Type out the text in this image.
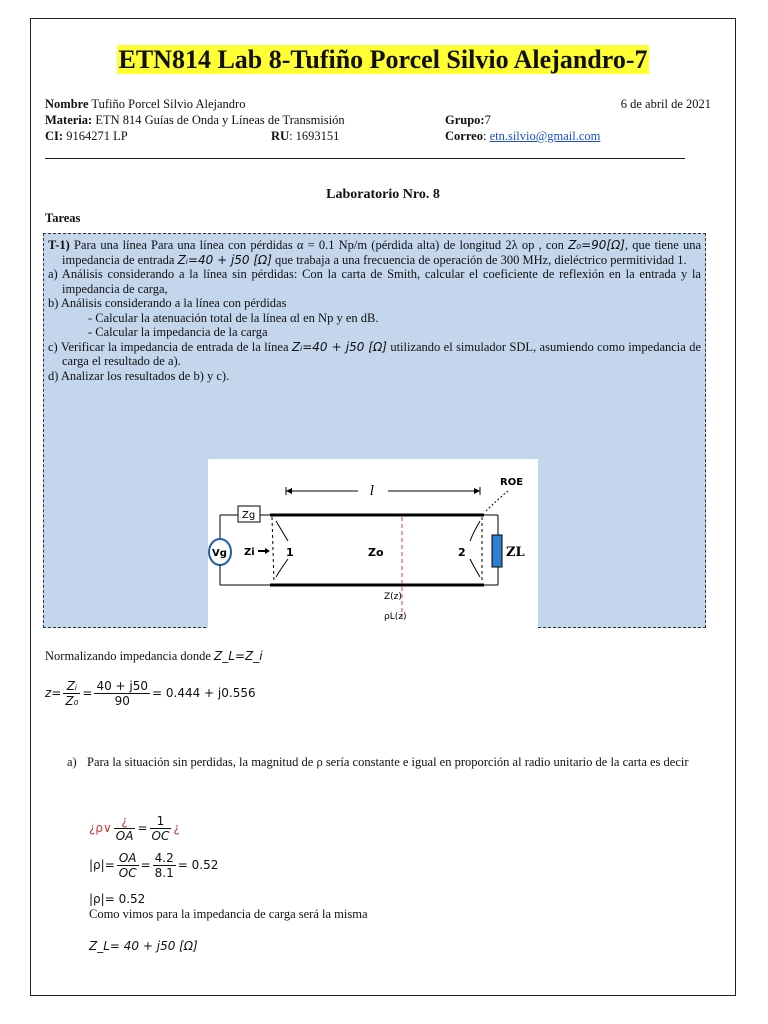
ETN814 Lab 8-Tufiño Porcel Silvio Alejandro-7
Nombre Tufiño Porcel Silvio Alejandro	6 de abril de 2021
Materia: ETN 814 Guías de Onda y Líneas de Transmisión	Grupo:7
CI: 9164271 LP	RU: 1693151	Correo: etn.silvio@gmail.com
Laboratorio Nro. 8
Tareas

T-1) Para una línea Para una línea con pérdidas α = 0.1 Np/m (pérdida alta) de longitud 2λ op , con Z₀=90[Ω], que tiene una impedancia de entrada Zᵢ=40 + j50 [Ω] que trabaja a una frecuencia de operación de 300 MHz, dieléctrico permitividad 1.

a) Análisis considerando a la línea sin pérdidas: Con la carta de Smith, calcular el coeficiente de reflexión en la entrada y la impedancia de carga,

b) Análisis considerando a la línea con pérdidas

- Calcular la atenuación total de la línea αl en Np y en dB.

- Calcular la impedancia de la carga

c) Verificar la impedancia de entrada de la línea Zᵢ=40 + j50 [Ω] utilizando el simulador SDL, asumiendo como impedancia de carga el resultado de a).

d) Analizar los resultados de b) y c).

l
ROE
Zg
Vg Zi	1	Zo
Z(z)
ρL(z)
2	ZL
Normalizando impedancia donde Z_L=Z_i
$z= \frac{\text{Zᵢ}}{\text{Z₀}} = \frac{40 + j50}{90} = 0.444 + j0.556$
a) Para la situación sin perdidas, la magnitud de ρ sería constante e igual en proporción al radio unitario de la carta es decir
¿ρ∨ $\frac{¿}{OA} = \frac{1}{OC}$ ¿
$|\rho|= \frac{OA}{OC} = \frac{4.2}{8.1} = 0.52$
|ρ|= 0.52
Como vimos para la impedancia de carga será la misma
Z_L= 40 + j50 [Ω]
